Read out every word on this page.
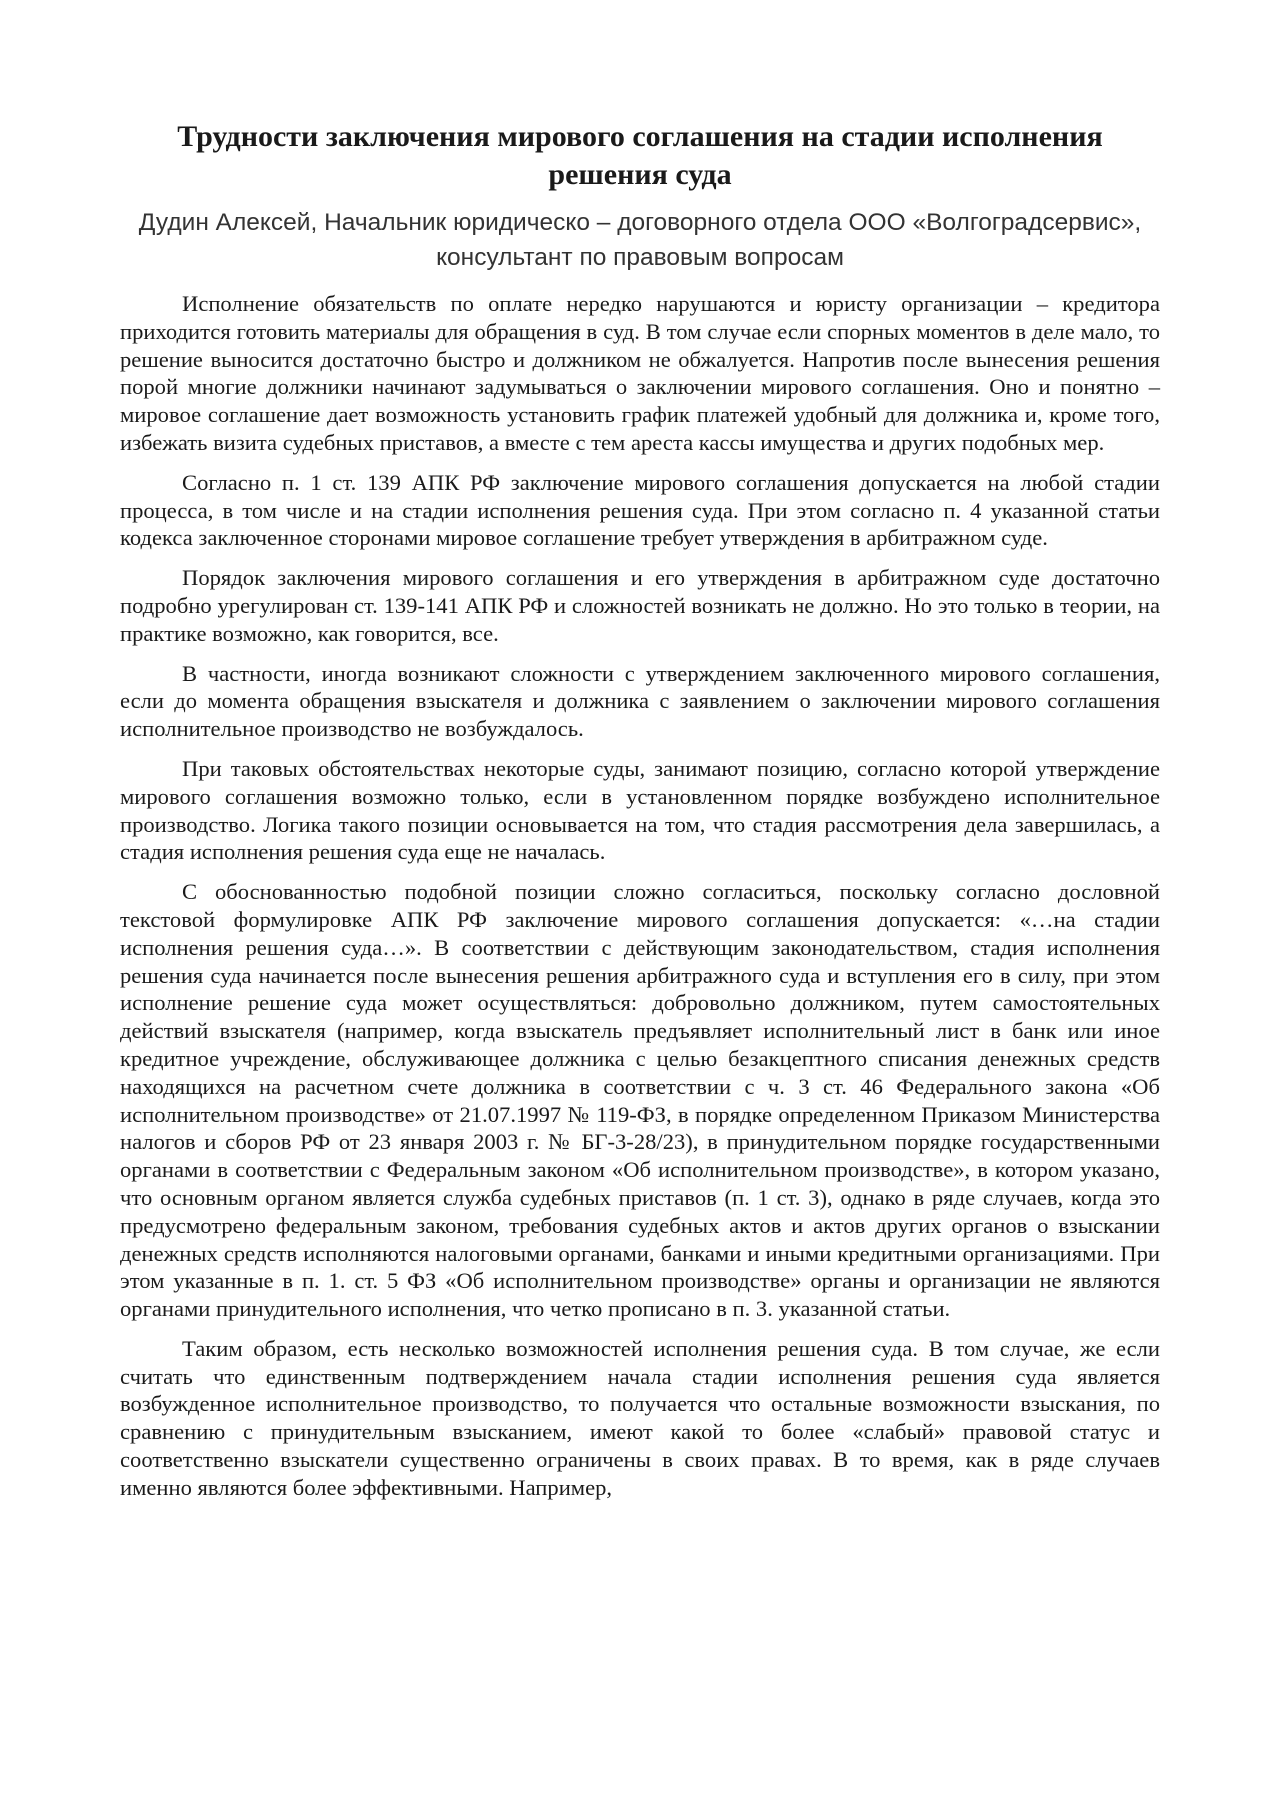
Трудности заключения мирового соглашения на стадии исполнения решения суда

Дудин Алексей, Начальник юридическо – договорного отдела ООО «Волгоградсервис», консультант по правовым вопросам

Исполнение обязательств по оплате нередко нарушаются и юристу организации – кредитора приходится готовить материалы для обращения в суд. В том случае если спорных моментов в деле мало, то решение выносится достаточно быстро и должником не обжалуется. Напротив после вынесения решения порой многие должники начинают задумываться о заключении мирового соглашения. Оно и понятно – мировое соглашение дает возможность установить график платежей удобный для должника и, кроме того, избежать визита судебных приставов, а вместе с тем ареста кассы имущества и других подобных мер.

Согласно п. 1 ст. 139 АПК РФ заключение мирового соглашения допускается на любой стадии процесса, в том числе и на стадии исполнения решения суда. При этом согласно п. 4 указанной статьи кодекса заключенное сторонами мировое соглашение требует утверждения в арбитражном суде.

Порядок заключения мирового соглашения и его утверждения в арбитражном суде достаточно подробно урегулирован ст. 139-141 АПК РФ и сложностей возникать не должно. Но это только в теории, на практике возможно, как говорится, все.

В частности, иногда возникают сложности с утверждением заключенного мирового соглашения, если до момента обращения взыскателя и должника с заявлением о заключении мирового соглашения исполнительное производство не возбуждалось.

При таковых обстоятельствах некоторые суды, занимают позицию, согласно которой утверждение мирового соглашения возможно только, если в установленном порядке возбуждено исполнительное производство. Логика такого позиции основывается на том, что стадия рассмотрения дела завершилась, а стадия исполнения решения суда еще не началась.

С обоснованностью подобной позиции сложно согласиться, поскольку согласно дословной текстовой формулировке АПК РФ заключение мирового соглашения допускается: «…на стадии исполнения решения суда…». В соответствии с действующим законодательством, стадия исполнения решения суда начинается после вынесения решения арбитражного суда и вступления его в силу, при этом исполнение решение суда может осуществляться: добровольно должником, путем самостоятельных действий взыскателя (например, когда взыскатель предъявляет исполнительный лист в банк или иное кредитное учреждение, обслуживающее должника с целью безакцептного списания денежных средств находящихся на расчетном счете должника в соответствии с ч. 3 ст. 46 Федерального закона «Об исполнительном производстве» от 21.07.1997 № 119-ФЗ, в порядке определенном Приказом Министерства налогов и сборов РФ от 23 января 2003 г. № БГ-3-28/23), в принудительном порядке государственными органами в соответствии с Федеральным законом «Об исполнительном производстве», в котором указано, что основным органом является служба судебных приставов (п. 1 ст. 3), однако в ряде случаев, когда это предусмотрено федеральным законом, требования судебных актов и актов других органов о взыскании денежных средств исполняются налоговыми органами, банками и иными кредитными организациями. При этом указанные в п. 1. ст. 5 ФЗ «Об исполнительном производстве» органы и организации не являются органами принудительного исполнения, что четко прописано в п. 3. указанной статьи.

Таким образом, есть несколько возможностей исполнения решения суда. В том случае, же если считать что единственным подтверждением начала стадии исполнения решения суда является возбужденное исполнительное производство, то получается что остальные возможности взыскания, по сравнению с принудительным взысканием, имеют какой то более «слабый» правовой статус и соответственно взыскатели существенно ограничены в своих правах. В то время, как в ряде случаев именно являются более эффективными. Например,
